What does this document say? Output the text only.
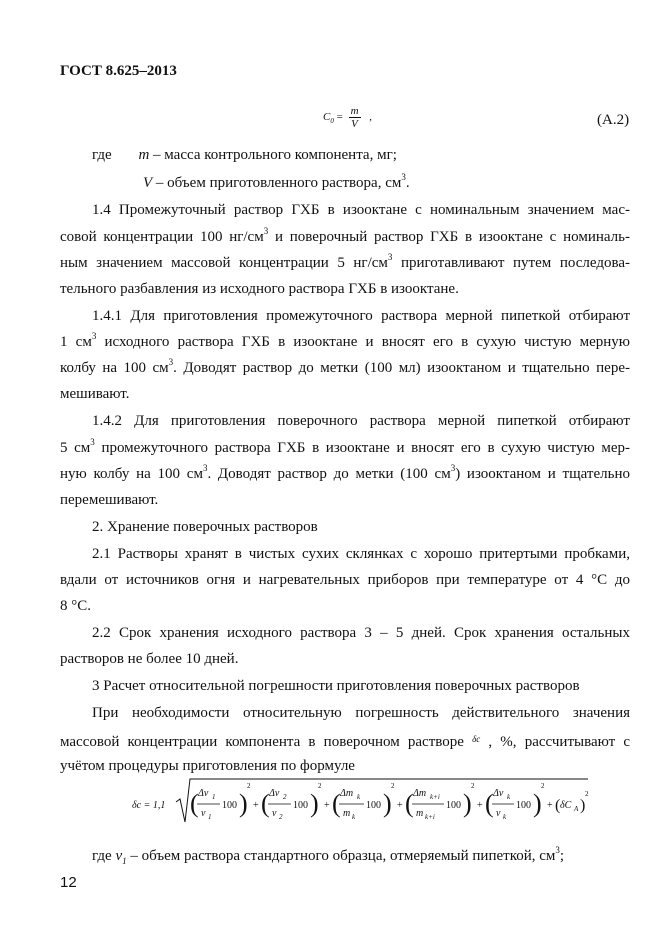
ГОСТ 8.625–2013
$C_0 = \frac{m}{V}$ ,	(А.2)
где m – масса контрольного компонента, мг;
V – объем приготовленного раствора, $см^3$.
1.4 Промежуточный раствор ГХБ в изооктане с номинальным значением мас-
совой концентрации 100 $нг/см^3$ и поверочный раствор ГХБ в изооктане с номиналь-
ным значением массовой концентрации 5 $нг/см^3$ приготавливают путем последова-
тельного разбавления из исходного раствора ГХБ в изооктане.
1.4.1 Для приготовления промежуточного раствора мерной пипеткой отбирают
1 $см^3$ исходного раствора ГХБ в изооктане и вносят его в сухую чистую мерную
колбу на 100 $см^3$. Доводят раствор до метки (100 мл) изооктаном и тщательно пере-
мешивают.
1.4.2 Для приготовления поверочного раствора мерной пипеткой отбирают
5 $см^3$ промежуточного раствора ГХБ в изооктане и вносят его в сухую чистую мер-
ную колбу на 100 $см^3$. Доводят раствор до метки (100 $см^3$) изооктаном и тщательно
перемешивают.
2. Хранение поверочных растворов
2.1 Растворы хранят в чистых сухих склянках с хорошо притертыми пробками,
вдали от источников огня и нагревательных приборов при температуре от 4 °С до
8 °С.
2.2 Срок хранения исходного раствора 3 – 5 дней. Срок хранения остальных
растворов не более 10 дней.
3 Расчет относительной погрешности приготовления поверочных растворов
При необходимости относительную погрешность действительного значения
массовой концентрации компонента в поверочном растворе $^{\delta c}$ , %, рассчитывают с
учётом процедуры приготовления по формуле
δc = 1,1 ( Δv 1
v 1
100 )
2
+ ( Δv 2
v 2
100 )
2
+ ( Δm k
m k
100 )
2
+ ( Δm k+i
m k+i
100 )
2
+ ( Δv k
v k
100 )
2
+ ( δC A )
2
где $v_1$ – объем раствора стандартного образца, отмеряемый пипеткой, $см^3$;
12
